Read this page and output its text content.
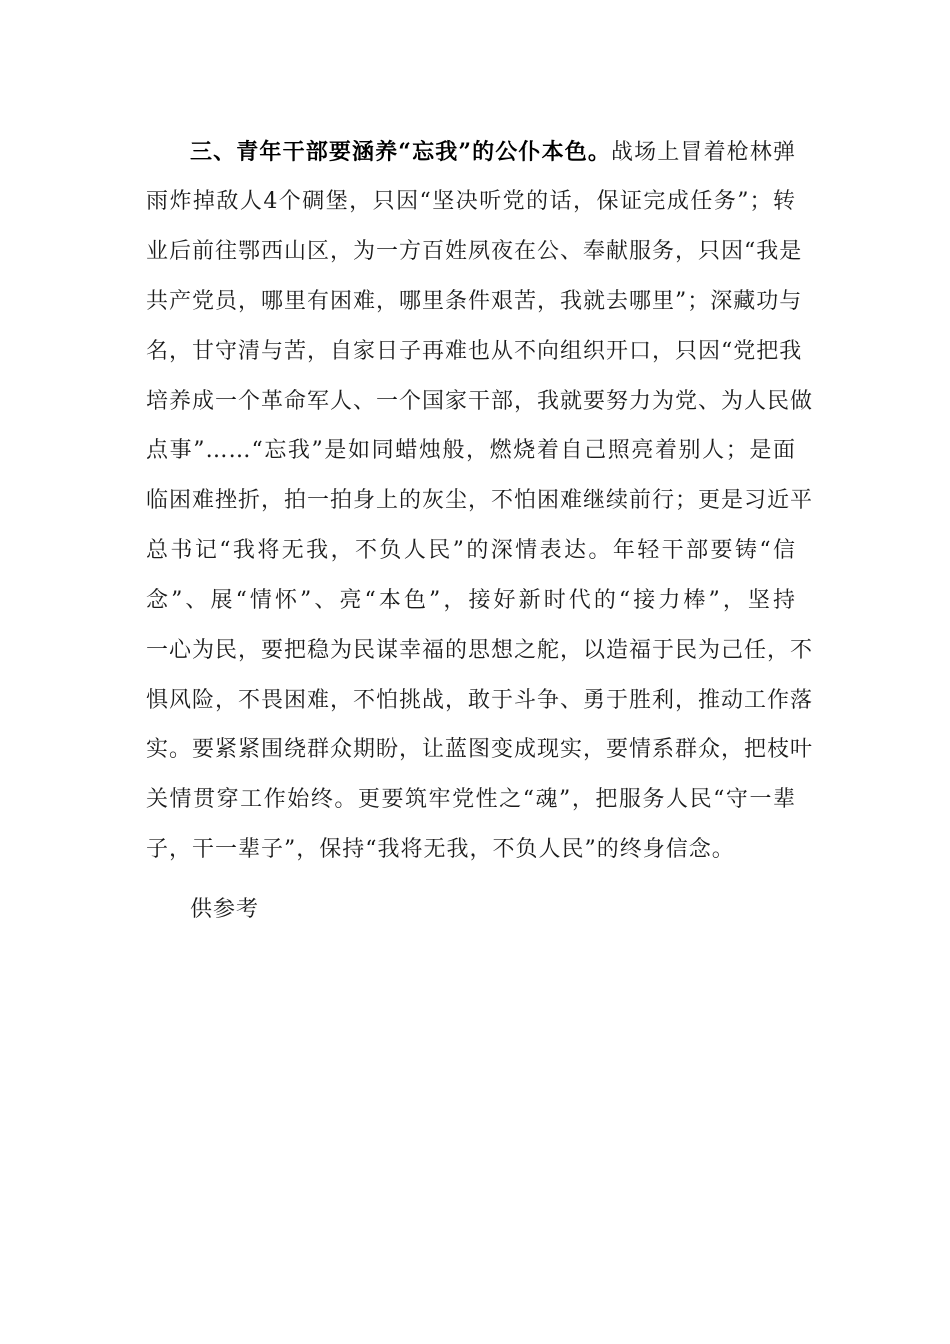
三、青年干部要涵养“忘我”的公仆本色。战场上冒着枪林弹
雨炸掉敌人4个碉堡，只因“坚决听党的话，保证完成任务”；转
业后前往鄂西山区，为一方百姓夙夜在公、奉献服务，只因“我是
共产党员，哪里有困难，哪里条件艰苦，我就去哪里”；深藏功与
名，甘守清与苦，自家日子再难也从不向组织开口，只因“党把我
培养成一个革命军人、一个国家干部，我就要努力为党、为人民做
点事”……“忘我”是如同蜡烛般，燃烧着自己照亮着别人；是面
临困难挫折，拍一拍身上的灰尘，不怕困难继续前行；更是习近平
总书记“我将无我，不负人民”的深情表达。年轻干部要铸“信
念”、展“情怀”、亮“本色”，接好新时代的“接力棒”，坚持
一心为民，要把稳为民谋幸福的思想之舵，以造福于民为己任，不
惧风险，不畏困难，不怕挑战，敢于斗争、勇于胜利，推动工作落
实。要紧紧围绕群众期盼，让蓝图变成现实，要情系群众，把枝叶
关情贯穿工作始终。更要筑牢党性之“魂”，把服务人民“守一辈
子，干一辈子”，保持“我将无我，不负人民”的终身信念。
供参考
